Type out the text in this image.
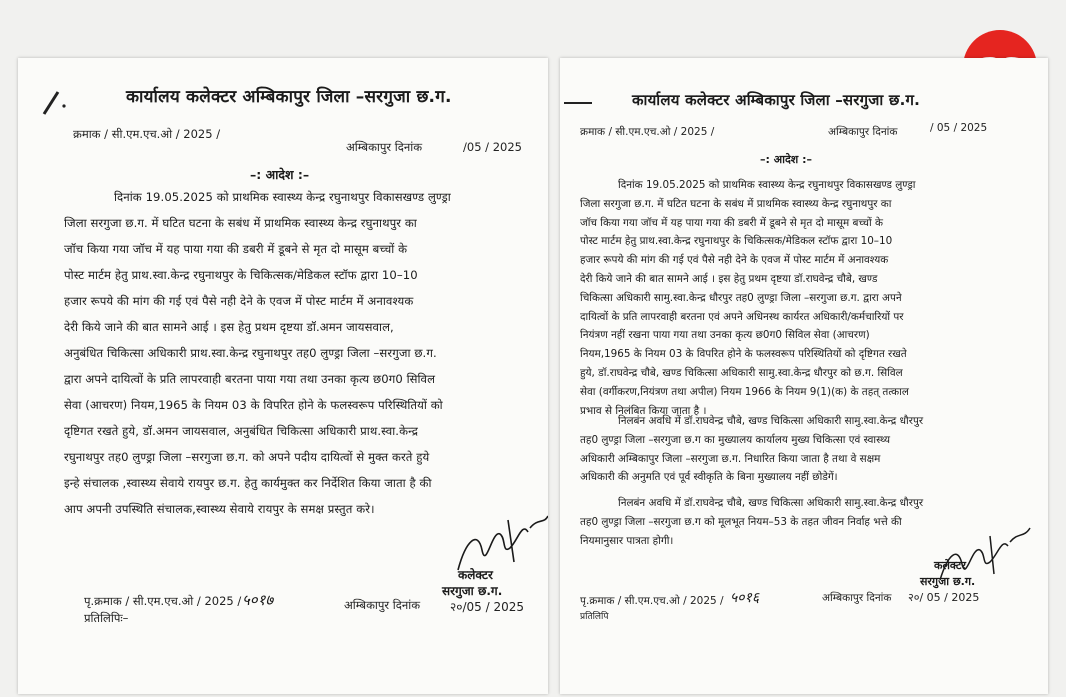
कार्यालय कलेक्टर अम्बिकापुर जिला –सरगुजा छ.ग.
क्रमाक / सी.एम.एच.ओ / 2025 /
अम्बिकापुर दिनांक	/05 / 2025
–: आदेश :–
दिनांक 19.05.2025 को प्राथमिक स्वास्थ्य केन्द्र रघुनाथपुर विकासखण्ड लुण्ड्रा
जिला सरगुजा छ.ग. में घटित घटना के सबंध में प्राथमिक स्वास्थ्य केन्द्र रघुनाथपुर का
जॉच किया गया जॉच में यह पाया गया की डबरी में डूबने से मृत दो मासूम बच्चों के
पोस्ट मार्टम हेतु प्राथ.स्वा.केन्द्र रघुनाथपुर के चिकित्सक/मेडिकल स्टॉफ द्वारा 10–10
हजार रूपये की मांग की गई एवं पैसे नही देने के एवज में पोस्ट मार्टम में अनावश्यक
देरी किये जाने की बात सामने आई । इस हेतु प्रथम दृष्टया डॉ.अमन जायसवाल,
अनुबंधित चिकित्सा अधिकारी प्राथ.स्वा.केन्द्र रघुनाथपुर तह0 लुण्ड्रा जिला –सरगुजा छ.ग.
द्वारा अपने दायित्वों के प्रति लापरवाही बरतना पाया गया तथा उनका कृत्य छ0ग0 सिविल
सेवा (आचरण) नियम,1965 के नियम 03 के विपरित होने के फलस्वरूप परिस्थितियों को
दृष्टिगत रखते हुये, डॉ.अमन जायसवाल, अनुबंधित चिकित्सा अधिकारी प्राथ.स्वा.केन्द्र
रघुनाथपुर तह0 लुण्ड्रा जिला –सरगुजा छ.ग. को अपने पदीय दायित्वों से मुक्त करते हुये
इन्हे संचालक ,स्वास्थ्य सेवाये रायपुर छ.ग. हेतु कार्यमुक्त कर निर्देशित किया जाता है की
आप अपनी उपस्थिति संचालक,स्वास्थ्य सेवाये रायपुर के समक्ष प्रस्तुत करे।
कलेक्टर
सरगुजा छ.ग.
पृ.क्रमाक / सी.एम.एच.ओ / 2025 / ५०१७	अम्बिकापुर दिनांक २०/05 / 2025
प्रतिलिपिः–
कार्यालय कलेक्टर अम्बिकापुर जिला –सरगुजा छ.ग.
क्रमाक / सी.एम.एच.ओ / 2025 /	अम्बिकापुर दिनांक	/ 05 / 2025
–: आदेश :–
दिनांक 19.05.2025 को प्राथमिक स्वास्थ्य केन्द्र रघुनाथपुर विकासखण्ड लुण्ड्रा
जिला सरगुजा छ.ग. में घटित घटना के सबंध में प्राथमिक स्वास्थ्य केन्द्र रघुनाथपुर का
जॉच किया गया जॉच में यह पाया गया की डबरी में डूबने से मृत दो मासूम बच्चों के
पोस्ट मार्टम हेतु प्राथ.स्वा.केन्द्र रघुनाथपुर के चिकित्सक/मेडिकल स्टॉफ द्वारा 10–10
हजार रूपये की मांग की गई एवं पैसे नही देने के एवज में पोस्ट मार्टम में अनावश्यक
देरी किये जाने की बात सामने आई । इस हेतु प्रथम दृष्टया डॉ.राघवेन्द्र चौबे, खण्ड
चिकित्सा अधिकारी सामु.स्वा.केन्द्र धौरपुर तह0 लुण्ड्रा जिला –सरगुजा छ.ग. द्वारा अपने
दायित्वों के प्रति लापरवाही बरतना एवं अपने अधिनस्थ कार्यरत अधिकारी/कर्मचारियों पर
नियंत्रण नहीं रखना पाया गया तथा उनका कृत्य छ0ग0 सिविल सेवा (आचरण)
नियम,1965 के नियम 03 के विपरित होने के फलस्वरूप परिस्थितियों को दृष्टिगत रखते
हुये, डॉ.राघवेन्द्र चौबे, खण्ड चिकित्सा अधिकारी सामु.स्वा.केन्द्र धौरपुर को छ.ग. सिविल
सेवा (वर्गीकरण,नियंत्रण तथा अपील) नियम 1966 के नियम 9(1)(क) के तहत् तत्काल
प्रभाव से निलंबित किया जाता है ।
निलबंन अवधि में डॉ.राघवेन्द्र चौबे, खण्ड चिकित्सा अधिकारी सामु.स्वा.केन्द्र धौरपुर
तह0 लुण्ड्रा जिला –सरगुजा छ.ग का मुख्यालय कार्यालय मुख्य चिकित्सा एवं स्वास्थ्य
अधिकारी अम्बिकापुर जिला –सरगुजा छ.ग. निधारित किया जाता है तथा वे सक्षम
अधिकारी की अनुमति एवं पूर्व स्वीकृति के बिना मुख्यालय नहीं छोडेगें।
निलबंन अवधि में डॉ.राघवेन्द्र चौबे, खण्ड चिकित्सा अधिकारी सामु.स्वा.केन्द्र धौरपुर
तह0 लुण्ड्रा जिला –सरगुजा छ.ग को मूलभूत नियम–53 के तहत जीवन निर्वाह भत्ते की
नियमानुसार पात्रता होगी।
कलेक्टर
सरगुजा छ.ग.
पृ.क्रमाक / सी.एम.एच.ओ / 2025 / ५०१६	अम्बिकापुर दिनांक २०/ 05 / 2025
प्रतिलिपि
